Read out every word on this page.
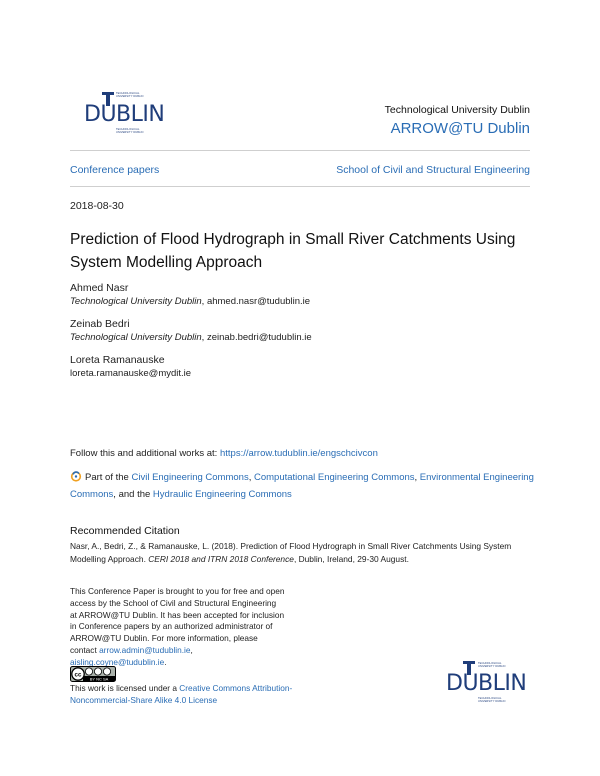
TECHNOLOGICAL
UNIVERSITY DUBLIN
DUBLIN
TECHNOLOGICAL
UNIVERSITY DUBLIN
Technological University Dublin
ARROW@TU Dublin
Conference papers	School of Civil and Structural Engineering
2018-08-30
Prediction of Flood Hydrograph in Small River Catchments Using System Modelling Approach
Ahmed Nasr
Technological University Dublin, ahmed.nasr@tudublin.ie
Zeinab Bedri
Technological University Dublin, zeinab.bedri@tudublin.ie
Loreta Ramanauske
loreta.ramanauske@mydit.ie
Follow this and additional works at: https://arrow.tudublin.ie/engschcivcon
Part of the Civil Engineering Commons, Computational Engineering Commons, Environmental Engineering Commons, and the Hydraulic Engineering Commons
Recommended Citation
Nasr, A., Bedri, Z., & Ramanauske, L. (2018). Prediction of Flood Hydrograph in Small River Catchments Using System Modelling Approach. CERI 2018 and ITRN 2018 Conference, Dublin, Ireland, 29-30 August.
This Conference Paper is brought to you for free and open access by the School of Civil and Structural Engineering at ARROW@TU Dublin. It has been accepted for inclusion in Conference papers by an authorized administrator of ARROW@TU Dublin. For more information, please contact arrow.admin@tudublin.ie, aisling.coyne@tudublin.ie.
cc
BY NC SA
This work is licensed under a Creative Commons Attribution-Noncommercial-Share Alike 4.0 License
TECHNOLOGICAL
UNIVERSITY DUBLIN
DUBLIN
TECHNOLOGICAL
UNIVERSITY DUBLIN
